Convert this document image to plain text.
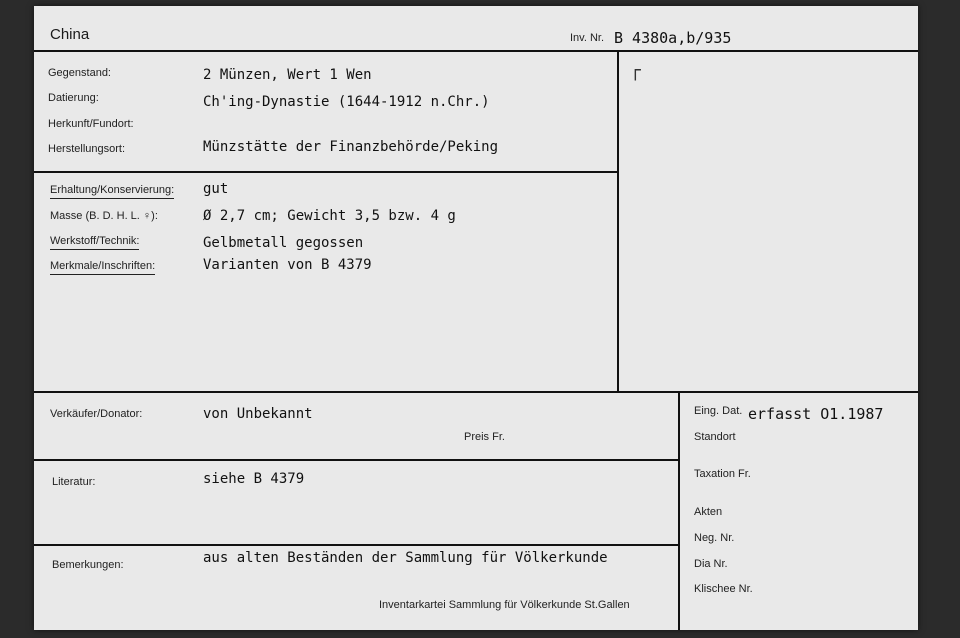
China	Inv. Nr. B 4380a,b/935
Gegenstand:	2 Münzen, Wert 1 Wen
Datierung:	Ch'ing-Dynastie (1644-1912 n.Chr.)
Herkunft/Fundort:
Herstellungsort:	Münzstätte der Finanzbehörde/Peking
Erhaltung/Konservierung: gut
Masse (B. D. H. L. ♀):	Ø 2,7 cm; Gewicht 3,5 bzw. 4 g
Werkstoff/Technik:	Gelbmetall gegossen
Merkmale/Inschriften:	Varianten von B 4379
┌
Verkäufer/Donator:	von Unbekannt
Preis Fr.
Literatur:	siehe B 4379
Bemerkungen:	aus alten Beständen der Sammlung für Völkerkunde
Inventarkartei Sammlung für Völkerkunde St.Gallen
Eing. Dat. erfasst O1.1987
Standort
Taxation Fr.
Akten
Neg. Nr.
Dia Nr.
Klischee Nr.
